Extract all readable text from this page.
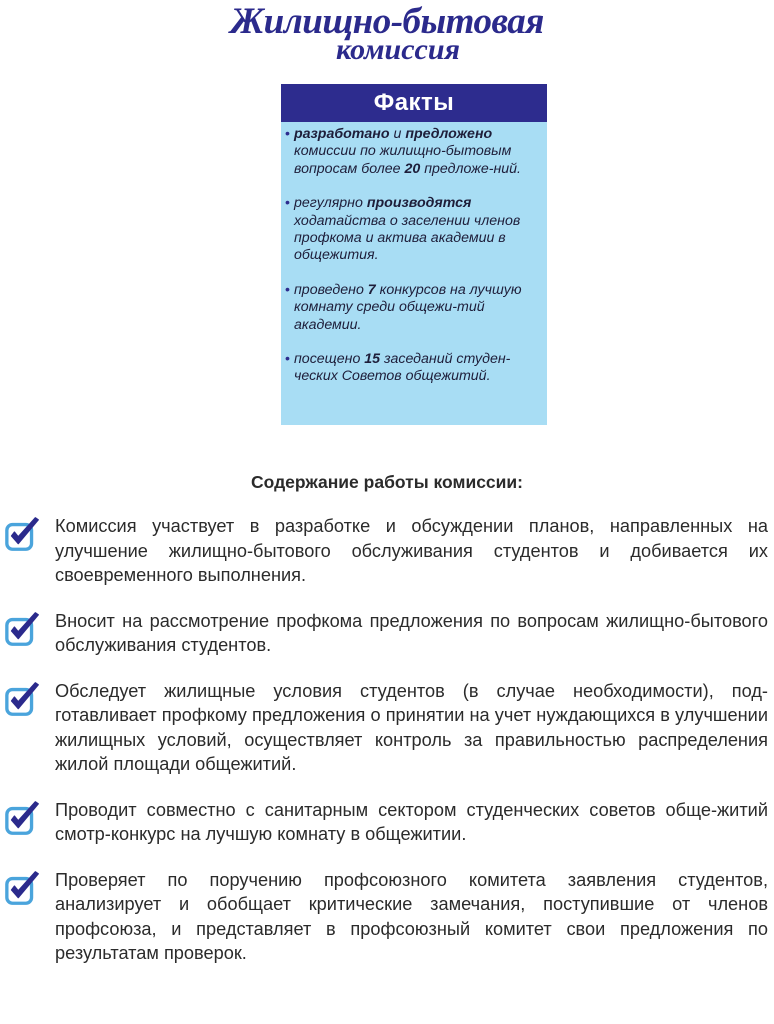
Жилищно-бытовая
комиссия
Факты
• разработано и предложено комиссии по жилищно-бытовым вопросам более 20 предложе-ний.
• регулярно производятся ходатайства о заселении членов профкома и актива академии в общежития.
• проведено 7 конкурсов на лучшую комнату среди общежи-тий академии.
• посещено 15 заседаний студен-ческих Советов общежитий.
Содержание работы комиссии:
Комиссия участвует в разработке и обсуждении планов, направленных на улучшение жилищно-бытового обслуживания студентов и добивается их своевременного выполнения.
Вносит на рассмотрение профкома предложения по вопросам жилищно-бытового обслуживания студентов.
Обследует жилищные условия студентов (в случае необходимости), под-готавливает профкому предложения о принятии на учет нуждающихся в улучшении жилищных условий, осуществляет контроль за правильностью распределения жилой площади общежитий.
Проводит совместно с санитарным сектором студенческих советов обще-житий смотр-конкурс на лучшую комнату в общежитии.
Проверяет по поручению профсоюзного комитета заявления студентов, анализирует и обобщает критические замечания, поступившие от членов профсоюза, и представляет в профсоюзный комитет свои предложения по результатам проверок.
